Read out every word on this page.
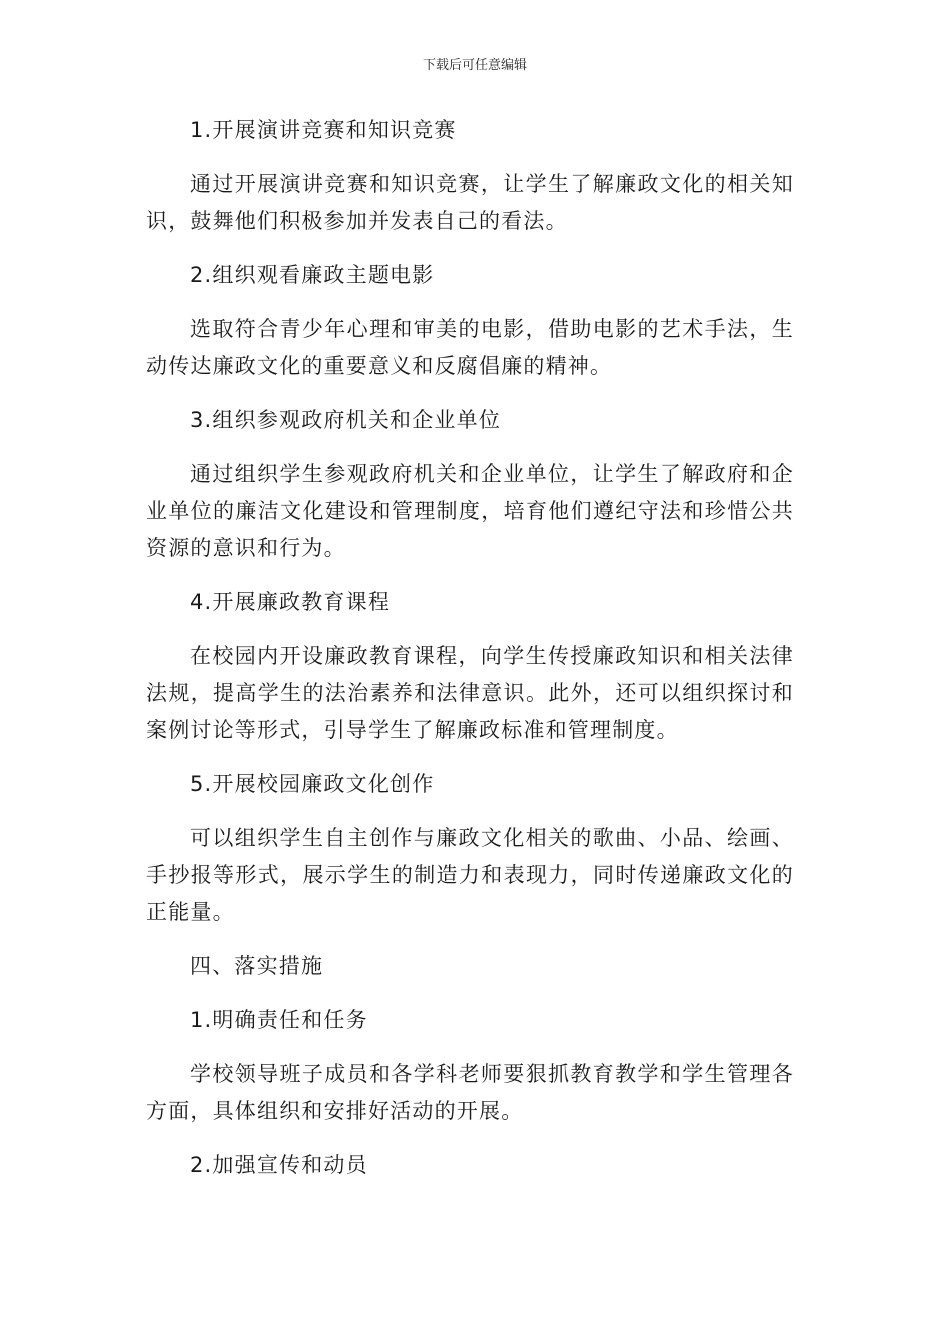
下载后可任意编辑

1.开展演讲竞赛和知识竞赛

通过开展演讲竞赛和知识竞赛，让学生了解廉政文化的相关知识，鼓舞他们积极参加并发表自己的看法。

2.组织观看廉政主题电影

选取符合青少年心理和审美的电影，借助电影的艺术手法，生动传达廉政文化的重要意义和反腐倡廉的精神。

3.组织参观政府机关和企业单位

通过组织学生参观政府机关和企业单位，让学生了解政府和企业单位的廉洁文化建设和管理制度，培育他们遵纪守法和珍惜公共资源的意识和行为。

4.开展廉政教育课程

在校园内开设廉政教育课程，向学生传授廉政知识和相关法律法规，提高学生的法治素养和法律意识。此外，还可以组织探讨和案例讨论等形式，引导学生了解廉政标准和管理制度。

5.开展校园廉政文化创作

可以组织学生自主创作与廉政文化相关的歌曲、小品、绘画、手抄报等形式，展示学生的制造力和表现力，同时传递廉政文化的正能量。

四、落实措施

1.明确责任和任务

学校领导班子成员和各学科老师要狠抓教育教学和学生管理各方面，具体组织和安排好活动的开展。

2.加强宣传和动员
